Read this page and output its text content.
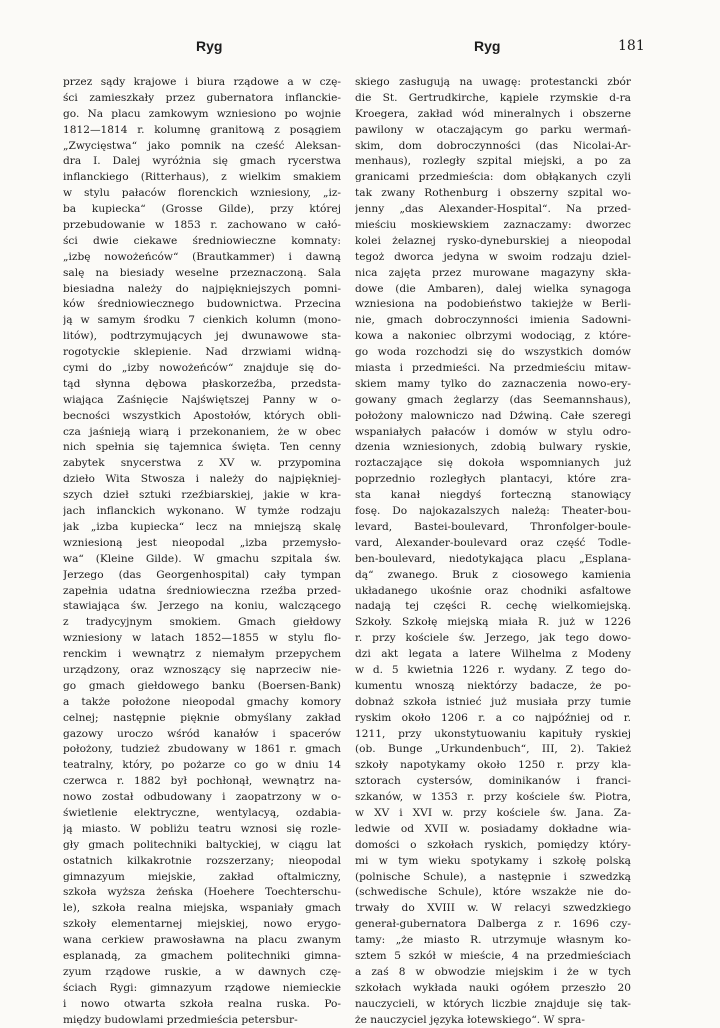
Ryg	Ryg	181
przez sądy krajowe i biura rządowe a w czę-
ści zamieszkały przez gubernatora inflanckie-
go. Na placu zamkowym wzniesiono po wojnie
1812—1814 r. kolumnę granitową z posągiem
„Zwycięstwa“ jako pomnik na cześć Aleksan-
dra I. Dalej wyróżnia się gmach rycerstwa
inflanckiego (Ritterhaus), z wielkim smakiem
w stylu pałaców florenckich wzniesiony, „iz-
ba kupiecka“ (Grosse Gilde), przy której
przebudowanie w 1853 r. zachowano w całó-
ści dwie ciekawe średniowieczne komnaty:
„izbę nowożeńców“ (Brautkammer) i dawną
salę na biesiady weselne przeznaczoną. Sala
biesiadna należy do najpiękniejszych pomni-
ków średniowiecznego budownictwa. Przecina
ją w samym środku 7 cienkich kolumn (mono-
litów), podtrzymujących jej dwunawowe sta-
rogotyckie sklepienie. Nad drzwiami widną-
cymi do „izby nowożeńców“ znajduje się do-
tąd słynna dębowa płaskorzeźba, przedsta-
wiająca Zaśnięcie Najświętszej Panny w o-
becności wszystkich Apostołów, których obli-
cza jaśnieją wiarą i przekonaniem, że w obec
nich spełnia się tajemnica święta. Ten cenny
zabytek snycerstwa z XV w. przypomina
dzieło Wita Stwosza i należy do najpiękniej-
szych dzieł sztuki rzeźbiarskiej, jakie w kra-
jach inflanckich wykonano. W tymże rodzaju
jak „izba kupiecka“ lecz na mniejszą skalę
wzniesioną jest nieopodal „izba przemysło-
wa“ (Kleine Gilde). W gmachu szpitala św.
Jerzego (das Georgenhospital) cały tympan
zapełnia udatna średniowieczna rzeźba przed-
stawiająca św. Jerzego na koniu, walczącego
z tradycyjnym smokiem. Gmach giełdowy
wzniesiony w latach 1852—1855 w stylu flo-
renckim i wewnątrz z niemałym przepychem
urządzony, oraz wznoszący się naprzeciw nie-
go gmach giełdowego banku (Boersen-Bank)
a także położone nieopodal gmachy komory
celnej; następnie pięknie obmyślany zakład
gazowy uroczo wśród kanałów i spacerów
położony, tudzież zbudowany w 1861 r. gmach
teatralny, który, po pożarze co go w dniu 14
czerwca r. 1882 był pochłonął, wewnątrz na-
nowo został odbudowany i zaopatrzony w o-
świetlenie elektryczne, wentylacyą, ozdabia-
ją miasto. W pobliżu teatru wznosi się rozle-
gły gmach politechniki baltyckiej, w ciągu lat
ostatnich kilkakrotnie rozszerzany; nieopodal
gimnazyum miejskie, zakład oftalmiczny,
szkoła wyższa żeńska (Hoehere Toechterschu-
le), szkoła realna miejska, wspaniały gmach
szkoły elementarnej miejskiej, nowo erygo-
wana cerkiew prawosławna na placu zwanym
esplanadą, za gmachem politechniki gimna-
zyum rządowe ruskie, a w dawnych czę-
ściach Rygi: gimnazyum rządowe niemieckie
i nowo otwarta szkoła realna ruska. Po-
między budowlami przedmieścia petersbur-
skiego zasługują na uwagę: protestancki zbór
die St. Gertrudkirche, kąpiele rzymskie d-ra
Kroegera, zakład wód mineralnych i obszerne
pawilony w otaczającym go parku wermań-
skim, dom dobroczynności (das Nicolai-Ar-
menhaus), rozległy szpital miejski, a po za
granicami przedmieścia: dom obłąkanych czyli
tak zwany Rothenburg i obszerny szpital wo-
jenny „das Alexander-Hospital“. Na przed-
mieściu moskiewskiem zaznaczamy: dworzec
kolei żelaznej rysko-dyneburskiej a nieopodal
tegoż dworca jedyna w swoim rodzaju dziel-
nica zajęta przez murowane magazyny skła-
dowe (die Ambaren), dalej wielka synagoga
wzniesiona na podobieństwo takiejże w Berli-
nie, gmach dobroczynności imienia Sadowni-
kowa a nakoniec olbrzymi wodociąg, z które-
go woda rozchodzi się do wszystkich domów
miasta i przedmieści. Na przedmieściu mitaw-
skiem mamy tylko do zaznaczenia nowo-ery-
gowany gmach żeglarzy (das Seemannshaus),
położony malowniczo nad Dźwiną. Całe szeregi
wspaniałych pałaców i domów w stylu odro-
dzenia wzniesionych, zdobią bulwary ryskie,
roztaczające się dokoła wspomnianych już
poprzednio rozległych plantacyi, które zra-
sta kanał niegdyś forteczną stanowiący
fosę. Do najokazalszych należą: Theater-bou-
levard, Bastei-boulevard, Thronfolger-boule-
vard, Alexander-boulevard oraz część Todle-
ben-boulevard, niedotykająca placu „Esplana-
dą“ zwanego. Bruk z ciosowego kamienia
układanego ukośnie oraz chodniki asfaltowe
nadają tej części R. cechę wielkomiejską.
Szkoły. Szkołę miejską miała R. już w 1226
r. przy kościele św. Jerzego, jak tego dowo-
dzi akt legata a latere Wilhelma z Modeny
w d. 5 kwietnia 1226 r. wydany. Z tego do-
kumentu wnoszą niektórzy badacze, że po-
dobnaż szkoła istnieć już musiała przy tumie
ryskim około 1206 r. a co najpóźniej od r.
1211, przy ukonstytuowaniu kapituły ryskiej
(ob. Bunge „Urkundenbuch“, III, 2). Takież
szkoły napotykamy około 1250 r. przy kla-
sztorach cystersów, dominikanów i franci-
szkanów, w 1353 r. przy kościele św. Piotra,
w XV i XVI w. przy kościele św. Jana. Za-
ledwie od XVII w. posiadamy dokładne wia-
domości o szkołach ryskich, pomiędzy który-
mi w tym wieku spotykamy i szkołę polską
(polnische Schule), a następnie i szwedzką
(schwedische Schule), które wszakże nie do-
trwały do XVIII w. W relacyi szwedzkiego
generał-gubernatora Dalberga z r. 1696 czy-
tamy: „że miasto R. utrzymuje własnym ko-
sztem 5 szkół w mieście, 4 na przedmieściach
a zaś 8 w obwodzie miejskim i że w tych
szkołach wykłada nauki ogółem przeszło 20
nauczycieli, w których liczbie znajduje się tak-
że nauczyciel języka łotewskiego“. W spra-
